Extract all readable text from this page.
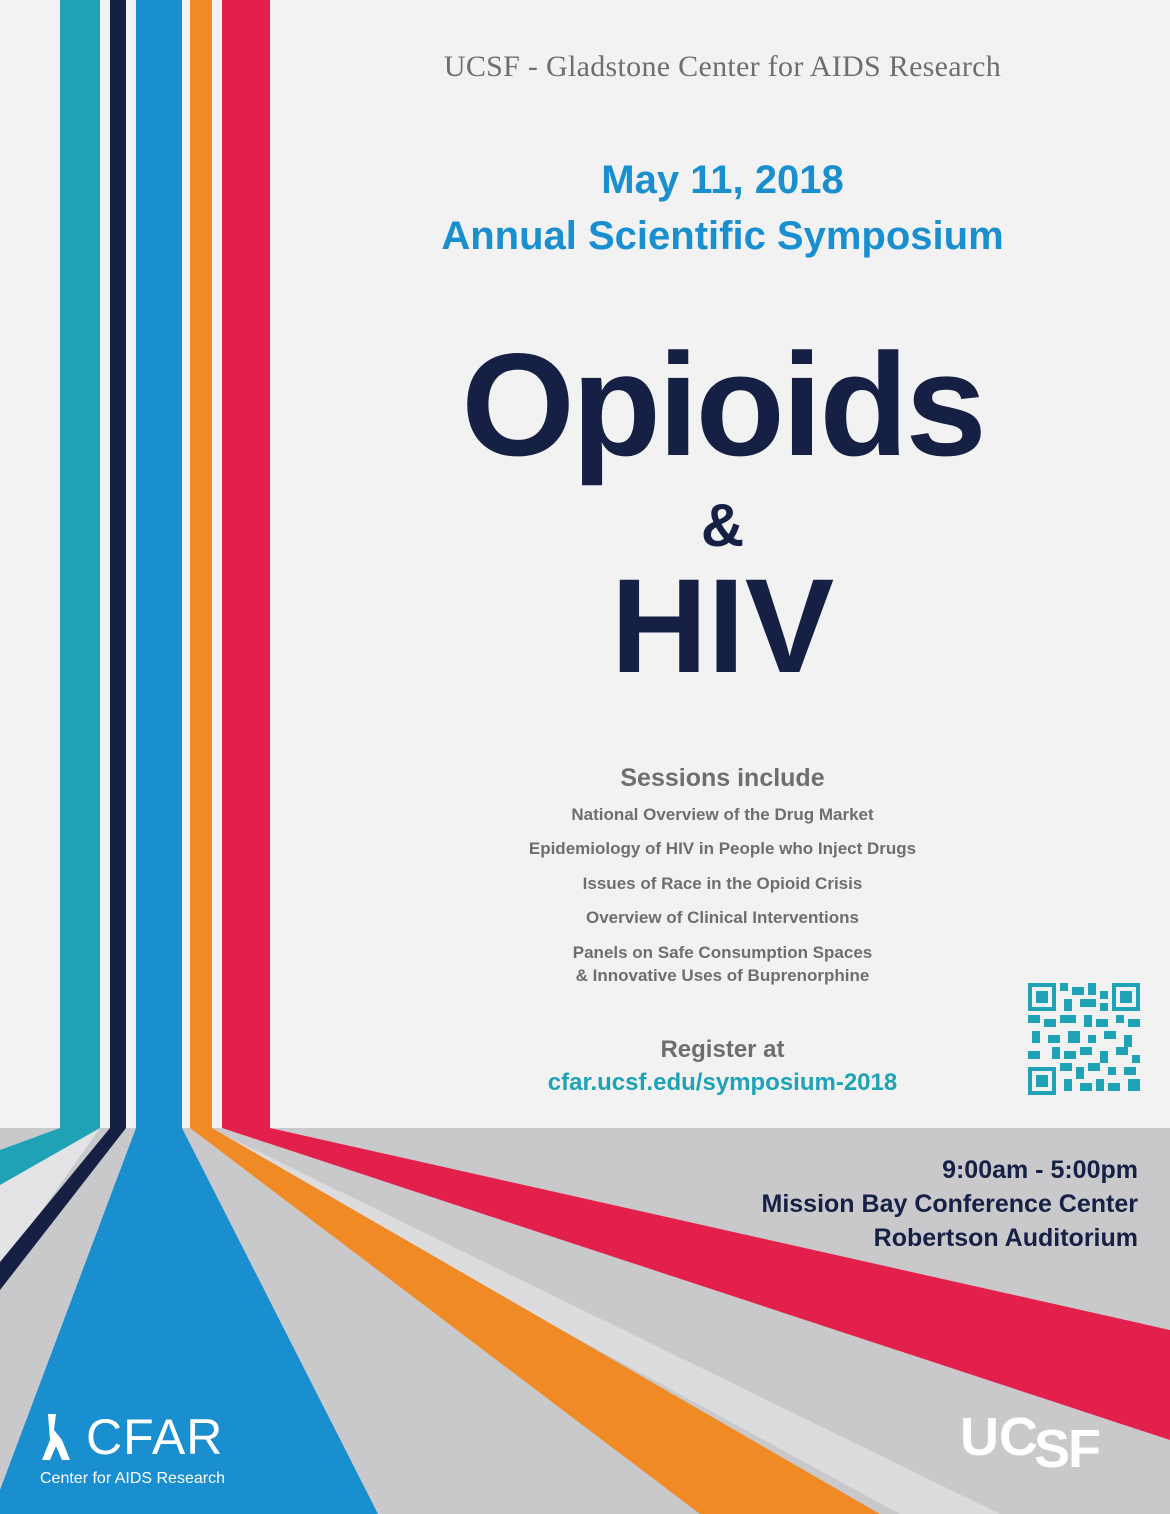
UCSF - Gladstone Center for AIDS Research
May 11, 2018
Annual Scientific Symposium
Opioids
&
HIV
Sessions include
National Overview of the Drug Market
Epidemiology of HIV in People who Inject Drugs
Issues of Race in the Opioid Crisis
Overview of Clinical Interventions
Panels on Safe Consumption Spaces
& Innovative Uses of Buprenorphine
Register at
cfar.ucsf.edu/symposium-2018
9:00am - 5:00pm
Mission Bay Conference Center
Robertson Auditorium
CFAR
Center for AIDS Research
UC
S
F
